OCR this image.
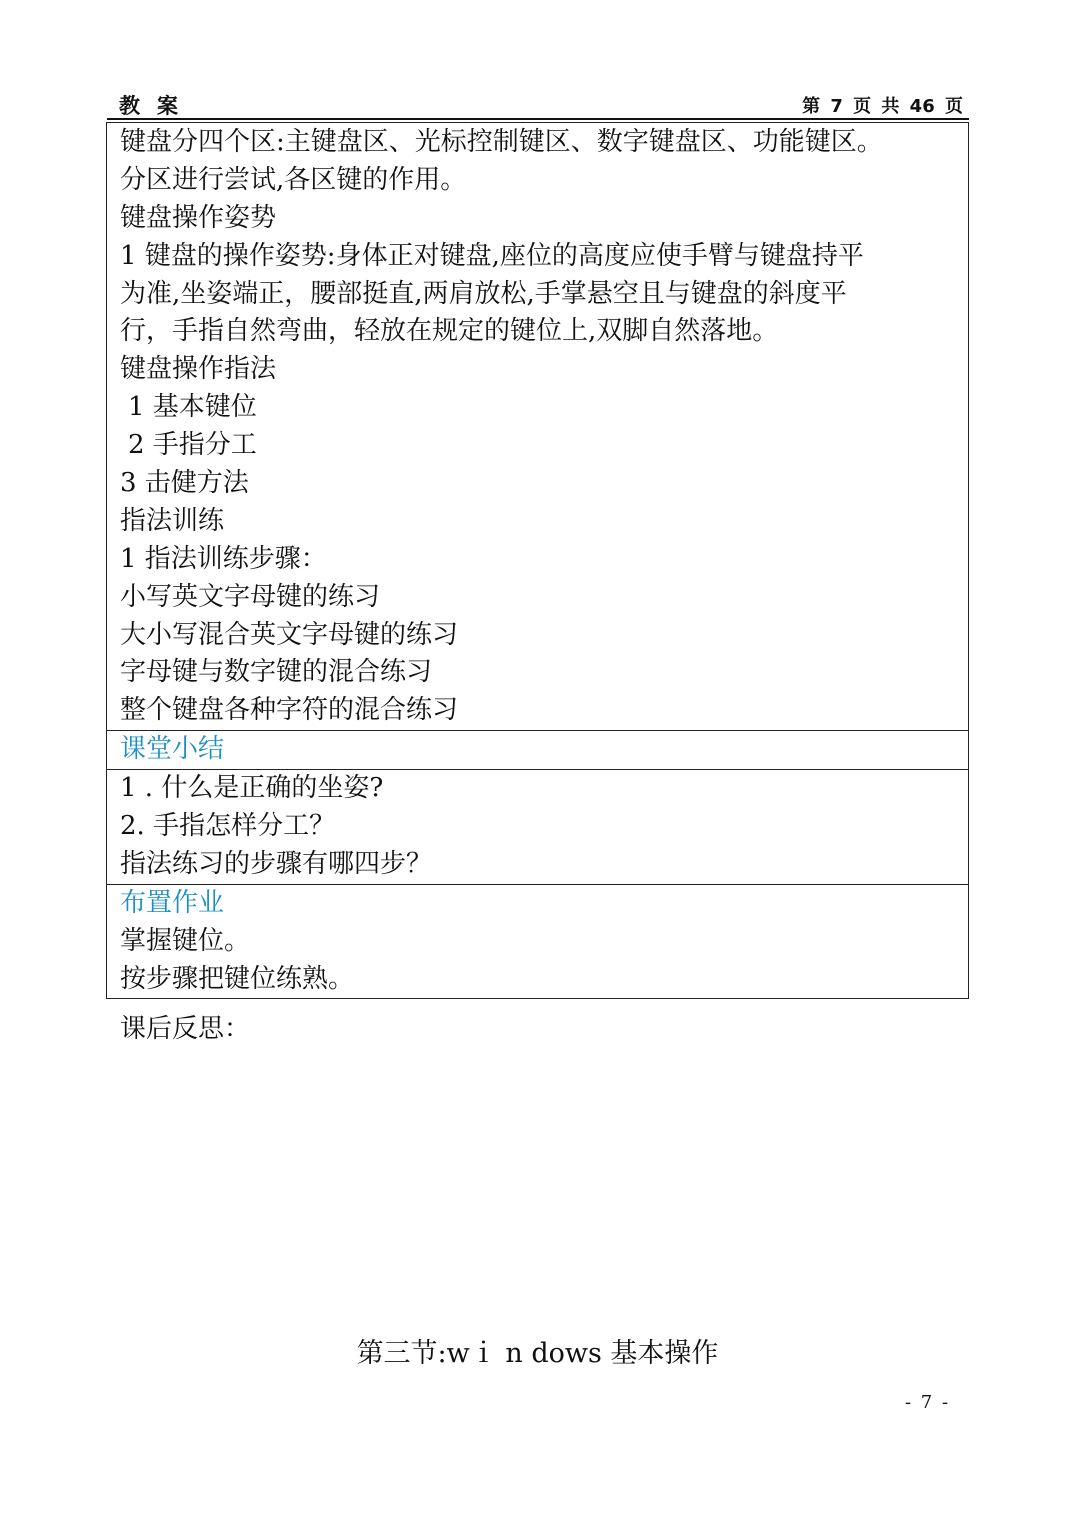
教案	第 7 页 共 46 页
键盘分四个区:主键盘区、光标控制键区、数字键盘区、功能键区。
分区进行尝试,各区键的作用。
键盘操作姿势
1 键盘的操作姿势:身体正对键盘,座位的高度应使手臂与键盘持平
为准,坐姿端正，腰部挺直,两肩放松,手掌悬空且与键盘的斜度平
行，手指自然弯曲，轻放在规定的键位上,双脚自然落地。
键盘操作指法
1 基本键位
2 手指分工
3 击健方法
指法训练
1 指法训练步骤：
小写英文字母键的练习
大小写混合英文字母键的练习
字母键与数字键的混合练习
整个键盘各种字符的混合练习
课堂小结
1 . 什么是正确的坐姿?
2. 手指怎样分工？
指法练习的步骤有哪四步？
布置作业
掌握键位。
按步骤把键位练熟。
课后反思：
第三节:wｉ n dows 基本操作
- 7 -
